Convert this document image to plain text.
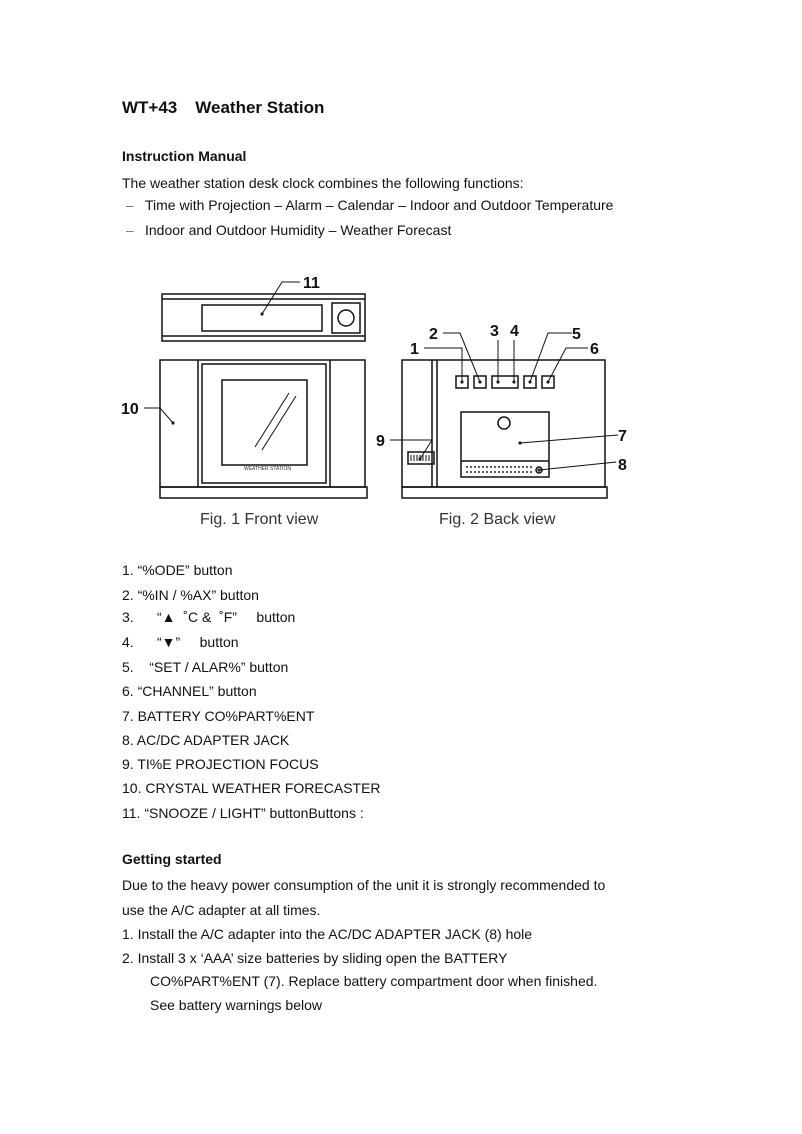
WT+43 Weather Station
Instruction Manual

The weather station desk clock combines the following functions:

– Time with Projection – Alarm – Calendar – Indoor and Outdoor Temperature
– Indoor and Outdoor Humidity – Weather Forecast
WEATHER STATION
11
10
1
2	3 4	5
6
7
8
9
Fig. 1 Front view	Fig. 2 Back view

1. “%ODE” button

2. “%IN / %AX” button

3.      “▲  ˚C &  ˚F”     button

4.      “▼”     button

5.    “SET / ALAR%” button

6. “CHANNEL” button

7. BATTERY CO%PART%ENT

8. AC/DC ADAPTER JACK

9. TI%E PROJECTION FOCUS

10. CRYSTAL WEATHER FORECASTER

11. “SNOOZE / LIGHT” buttonButtons :

Getting started

Due to the heavy power consumption of the unit it is strongly recommended to

use the A/C adapter at all times.

1. Install the A/C adapter into the AC/DC ADAPTER JACK (8) hole

2. Install 3 x ‘AAA’ size batteries by sliding open the BATTERY

CO%PART%ENT (7). Replace battery compartment door when finished.

See battery warnings below
